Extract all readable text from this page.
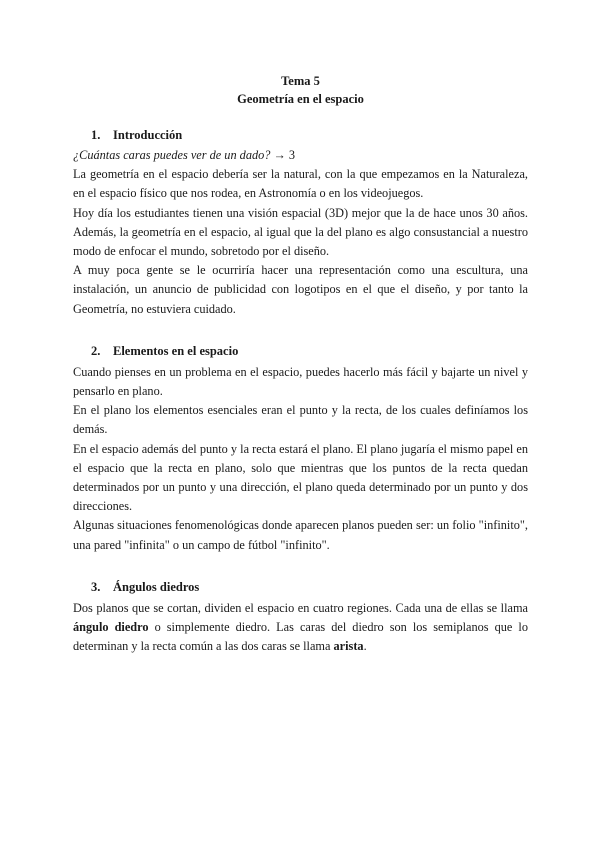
Tema 5
Geometría en el espacio
1. Introducción

¿Cuántas caras puedes ver de un dado? → 3

La geometría en el espacio debería ser la natural, con la que empezamos en la Naturaleza, en el espacio físico que nos rodea, en Astronomía o en los videojuegos.

Hoy día los estudiantes tienen una visión espacial (3D) mejor que la de hace unos 30 años. Además, la geometría en el espacio, al igual que la del plano es algo consustancial a nuestro modo de enfocar el mundo, sobretodo por el diseño.

A muy poca gente se le ocurriría hacer una representación como una escultura, una instalación, un anuncio de publicidad con logotipos en el que el diseño, y por tanto la Geometría, no estuviera cuidado.

2. Elementos en el espacio

Cuando pienses en un problema en el espacio, puedes hacerlo más fácil y bajarte un nivel y pensarlo en plano.

En el plano los elementos esenciales eran el punto y la recta, de los cuales definíamos los demás.

En el espacio además del punto y la recta estará el plano. El plano jugaría el mismo papel en el espacio que la recta en plano, solo que mientras que los puntos de la recta quedan determinados por un punto y una dirección, el plano queda determinado por un punto y dos direcciones.

Algunas situaciones fenomenológicas donde aparecen planos pueden ser: un folio "infinito", una pared "infinita" o un campo de fútbol "infinito".

3. Ángulos diedros

Dos planos que se cortan, dividen el espacio en cuatro regiones. Cada una de ellas se llama ángulo diedro o simplemente diedro. Las caras del diedro son los semiplanos que lo determinan y la recta común a las dos caras se llama arista.
